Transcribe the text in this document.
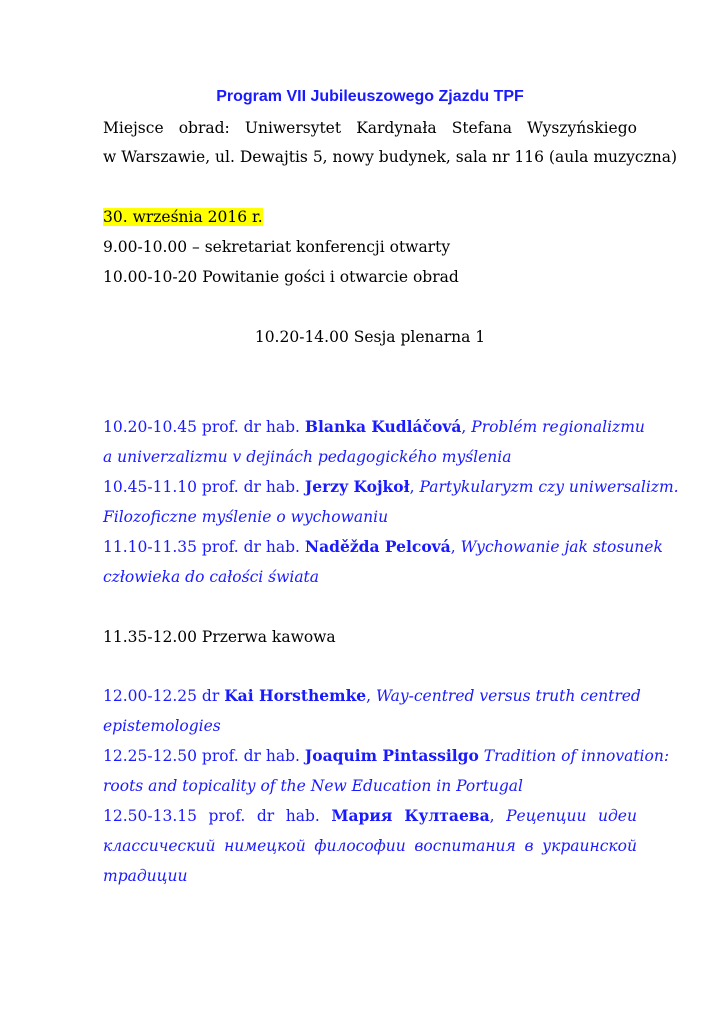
Program VII Jubileuszowego Zjazdu TPF
Miejsce obrad: Uniwersytet Kardynała Stefana Wyszyńskiego
w Warszawie, ul. Dewajtis 5, nowy budynek, sala nr 116 (aula muzyczna)
30. września 2016 r.
9.00-10.00 – sekretariat konferencji otwarty
10.00-10-20 Powitanie gości i otwarcie obrad
10.20-14.00 Sesja plenarna 1
10.20-10.45 prof. dr hab. Blanka Kudláčová, Problém regionalizmu
a univerzalizmu v dejinách pedagogického myślenia
10.45-11.10 prof. dr hab. Jerzy Kojkoł, Partykularyzm czy uniwersalizm.
Filozoficzne myślenie o wychowaniu
11.10-11.35 prof. dr hab. Naděžda Pelcová, Wychowanie jak stosunek
człowieka do całości świata
11.35-12.00 Przerwa kawowa
12.00-12.25 dr Kai Horsthemke, Way-centred versus truth centred
epistemologies
12.25-12.50 prof. dr hab. Joaquim Pintassilgo Tradition of innovation:
roots and topicality of the New Education in Portugal
12.50-13.15 prof. dr hab. Мария Култаева, Рецепции идеи
классический нимецкой философии воспитания в украинской
традиции
